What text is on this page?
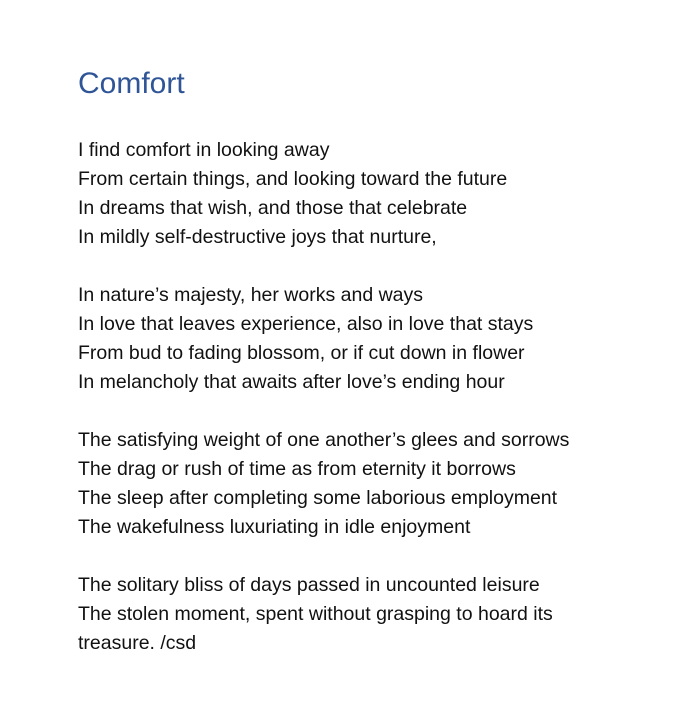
Comfort
I find comfort in looking away
From certain things, and looking toward the future
In dreams that wish, and those that celebrate
In mildly self-destructive joys that nurture,
In nature’s majesty, her works and ways
In love that leaves experience, also in love that stays
From bud to fading blossom, or if cut down in flower
In melancholy that awaits after love’s ending hour
The satisfying weight of one another’s glees and sorrows
The drag or rush of time as from eternity it borrows
The sleep after completing some laborious employment
The wakefulness luxuriating in idle enjoyment
The solitary bliss of days passed in uncounted leisure
The stolen moment, spent without grasping to hoard its
treasure. /csd
